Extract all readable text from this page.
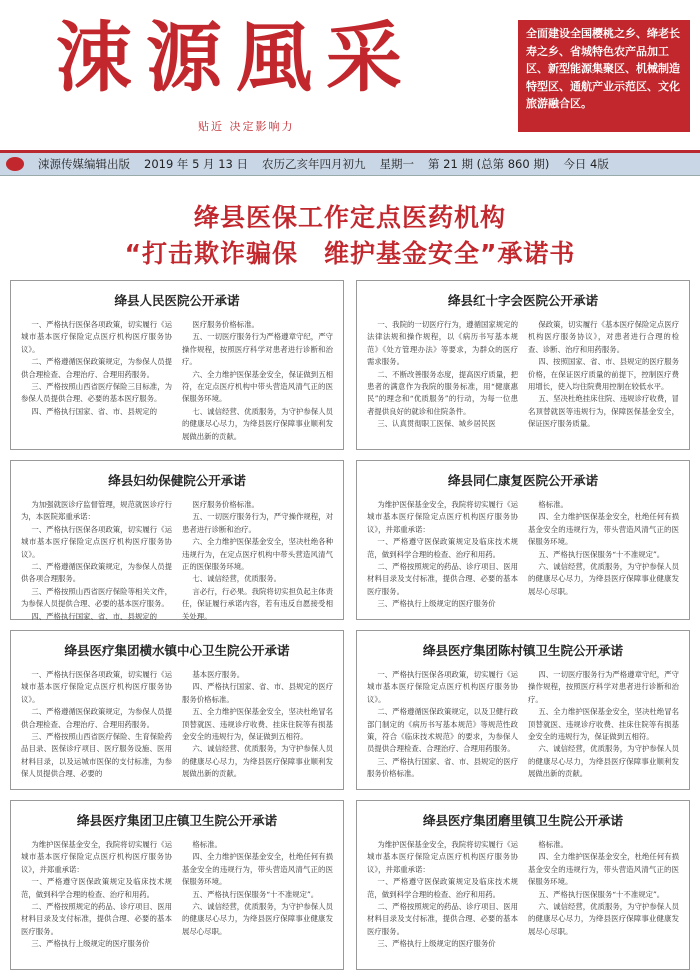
涑源風采
贴近 决定影响力
全面建设全国樱桃之乡、绛老长寿之乡、省城特色农产品加工区、新型能源集聚区、机械制造特型区、通航产业示范区、文化旅游融合区。
涑源传媒编辑出版 2019 年 5 月 13 日 农历乙亥年四月初九 星期一 第 21 期 (总第 860 期) 今日 4版
绛县医保工作定点医药机构
“打击欺诈骗保　维护基金安全”承诺书
绛县人民医院公开承诺

一、严格执行医保各项政策，切实履行《运城市基本医疗保险定点医疗机构医疗服务协议》。

二、严格遵循医保政策规定，为参保人员提供合理检查、合理治疗、合理用药服务。

三、严格按照山西省医疗保险三目标准，为参保人员提供合理、必要的基本医疗服务。

四、严格执行国家、省、市、县规定的

医疗服务价格标准。

五、一切医疗服务行为严格遵章守纪，严守操作规程，按照医疗科学对患者进行诊断和治疗。

六、全力维护医保基金安全，保证做到五相符，在定点医疗机构中带头营造风清气正的医保服务环境。

七、诚信经营、优质服务，为守护参保人员的健康尽心尽力，为绛县医疗保障事业顺利发展做出新的贡献。

绛县红十字会医院公开承诺

一、我院的一切医疗行为，遵循国家规定的法律法规和操作规程，以《病历书写基本规范》《处方管理办法》等要求，为群众的医疗需求服务。

二、不断改善服务态度，提高医疗质量，把患者的满意作为我院的服务标准，用“健康惠民”的理念和“优质服务”的行动，为每一位患者提供良好的就诊和住院条件。

三、认真贯彻职工医保、城乡居民医

保政策，切实履行《基本医疗保险定点医疗机构医疗服务协议》，对患者进行合理的检查、诊断、治疗和用药服务。

四、按照国家、省、市、县规定的医疗服务价格，在保证医疗质量的前提下，控制医疗费用增长，使入均住院费用控制在较低水平。

五、坚决杜绝挂床住院、违规诊疗收费，冒名顶替就医等违规行为，保障医保基金安全，保证医疗服务质量。

绛县妇幼保健院公开承诺

为加强就医诊疗监督管理，规范就医诊疗行为，本医院郑重承诺：

一、严格执行医保各项政策，切实履行《运城市基本医疗保险定点医疗机构医疗服务协议》。

二、严格遵循医保政策规定，为参保人员提供各项合理服务。

三、严格按照山西省医疗保险等相关文件，为参保人员提供合理、必要的基本医疗服务。

四、严格执行国家、省、市、县规定的

医疗服务价格标准。

五、一切医疗服务行为，严守操作规程，对患者进行诊断和治疗。

六、全力维护医保基金安全，坚决杜绝各种违规行为，在定点医疗机构中带头营造风清气正的医保服务环境。

七、诚信经营，优质服务。

言必行，行必果。我院将切实担负起主体责任，保证履行承诺内容，若有违反自愿接受相关处理。

绛县同仁康复医院公开承诺

为维护医保基金安全，我院将切实履行《运城市基本医疗保险定点医疗机构医疗服务协议》，并郑重承诺：

一、严格遵守医保政策规定及临床技术规范，做到科学合理的检查、治疗和用药。

二、严格按照规定的药品、诊疗项目、医用材料目录及支付标准，提供合理、必要的基本医疗服务。

三、严格执行上级规定的医疗服务价

格标准。

四、全力维护医保基金安全，杜绝任何有损基金安全的违规行为，带头营造风清气正的医保服务环境。

五、严格执行医保服务“十不准规定”。

六、诚信经营，优质服务，为守护参保人员的健康尽心尽力，为绛县医疗保障事业健康发展尽心尽职。

绛县医疗集团横水镇中心卫生院公开承诺

一、严格执行医保各项政策，切实履行《运城市基本医疗保险定点医疗机构医疗服务协议》。

二、严格遵循医保政策规定，为参保人员提供合理检查、合理治疗、合理用药服务。

三、严格按照山西省医疗保险、生育保险药品目录、医保诊疗项目、医疗服务设施、医用材料目录，以及运城市医保的支付标准，为参保人员提供合理、必要的

基本医疗服务。

四、严格执行国家、省、市、县规定的医疗服务价格标准。

五、全力维护医保基金安全，坚决杜绝冒名顶替就医、违规诊疗收费、挂床住院等有损基金安全的违规行为，保证做到五相符。

六、诚信经营、优质服务，为守护参保人员的健康尽心尽力，为绛县医疗保障事业顺利发展做出新的贡献。

绛县医疗集团陈村镇卫生院公开承诺

一、严格执行医保各项政策，切实履行《运城市基本医疗保险定点医疗机构医疗服务协议》。

二、严格遵循医保政策规定，以及卫健行政部门制定的《病历书写基本规范》等规范性政策，符合《临床技术规范》的要求，为参保人员提供合理检查、合理治疗、合理用药服务。

三、严格执行国家、省、市、县规定的医疗服务价格标准。

四、一切医疗服务行为严格遵章守纪，严守操作规程，按照医疗科学对患者进行诊断和治疗。

五、全力维护医保基金安全，坚决杜绝冒名顶替就医、违规诊疗收费、挂床住院等有损基金安全的违规行为，保证做到五相符。

六、诚信经营，优质服务，为守护参保人员的健康尽心尽力，为绛县医疗保障事业顺利发展做出新的贡献。

绛县医疗集团卫庄镇卫生院公开承诺

为维护医保基金安全，我院将切实履行《运城市基本医疗保险定点医疗机构医疗服务协议》，并郑重承诺：

一、严格遵守医保政策规定及临床技术规范，做到科学合理的检查、治疗和用药。

二、严格按照规定的药品、诊疗项目、医用材料目录及支付标准，提供合理、必要的基本医疗服务。

三、严格执行上级规定的医疗服务价

格标准。

四、全力维护医保基金安全，杜绝任何有损基金安全的违规行为，带头营造风清气正的医保服务环境。

五、严格执行医保服务“十不准规定”。

六、诚信经营，优质服务，为守护参保人员的健康尽心尽力，为绛县医疗保障事业健康发展尽心尽职。

绛县医疗集团磨里镇卫生院公开承诺

为维护医保基金安全，我院将切实履行《运城市基本医疗保险定点医疗机构医疗服务协议》，并郑重承诺：

一、严格遵守医保政策规定及临床技术规范，做到科学合理的检查、治疗和用药。

二、严格按照规定的药品、诊疗项目、医用材料目录及支付标准，提供合理、必要的基本医疗服务。

三、严格执行上级规定的医疗服务价

格标准。

四、全力维护医保基金安全，杜绝任何有损基金安全的违规行为，带头营造风清气正的医保服务环境。

五、严格执行医保服务“十不准规定”。

六、诚信经营，优质服务，为守护参保人员的健康尽心尽力，为绛县医疗保障事业健康发展尽心尽职。
